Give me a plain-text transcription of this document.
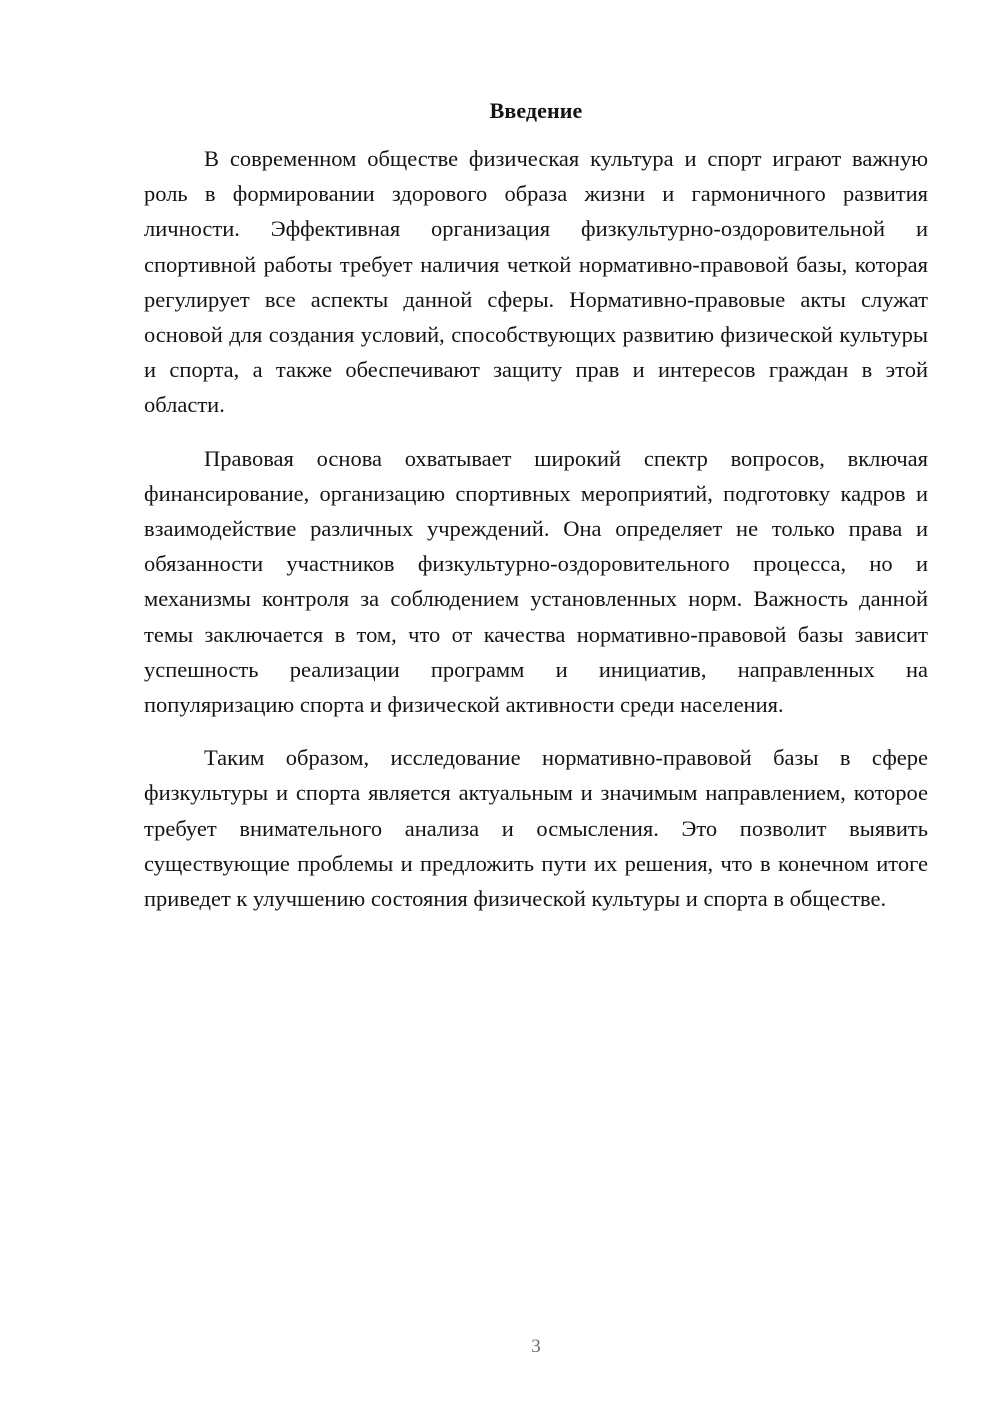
Введение

В современном обществе физическая культура и спорт играют важную роль в формировании здорового образа жизни и гармоничного развития личности. Эффективная организация физкультурно-оздоровительной и спортивной работы требует наличия четкой нормативно-правовой базы, которая регулирует все аспекты данной сферы. Нормативно-правовые акты служат основой для создания условий, способствующих развитию физической культуры и спорта, а также обеспечивают защиту прав и интересов граждан в этой области.

Правовая основа охватывает широкий спектр вопросов, включая финансирование, организацию спортивных мероприятий, подготовку кадров и взаимодействие различных учреждений. Она определяет не только права и обязанности участников физкультурно-оздоровительного процесса, но и механизмы контроля за соблюдением установленных норм. Важность данной темы заключается в том, что от качества нормативно-правовой базы зависит успешность реализации программ и инициатив, направленных на популяризацию спорта и физической активности среди населения.

Таким образом, исследование нормативно-правовой базы в сфере физкультуры и спорта является актуальным и значимым направлением, которое требует внимательного анализа и осмысления. Это позволит выявить существующие проблемы и предложить пути их решения, что в конечном итоге приведет к улучшению состояния физической культуры и спорта в обществе.

3
